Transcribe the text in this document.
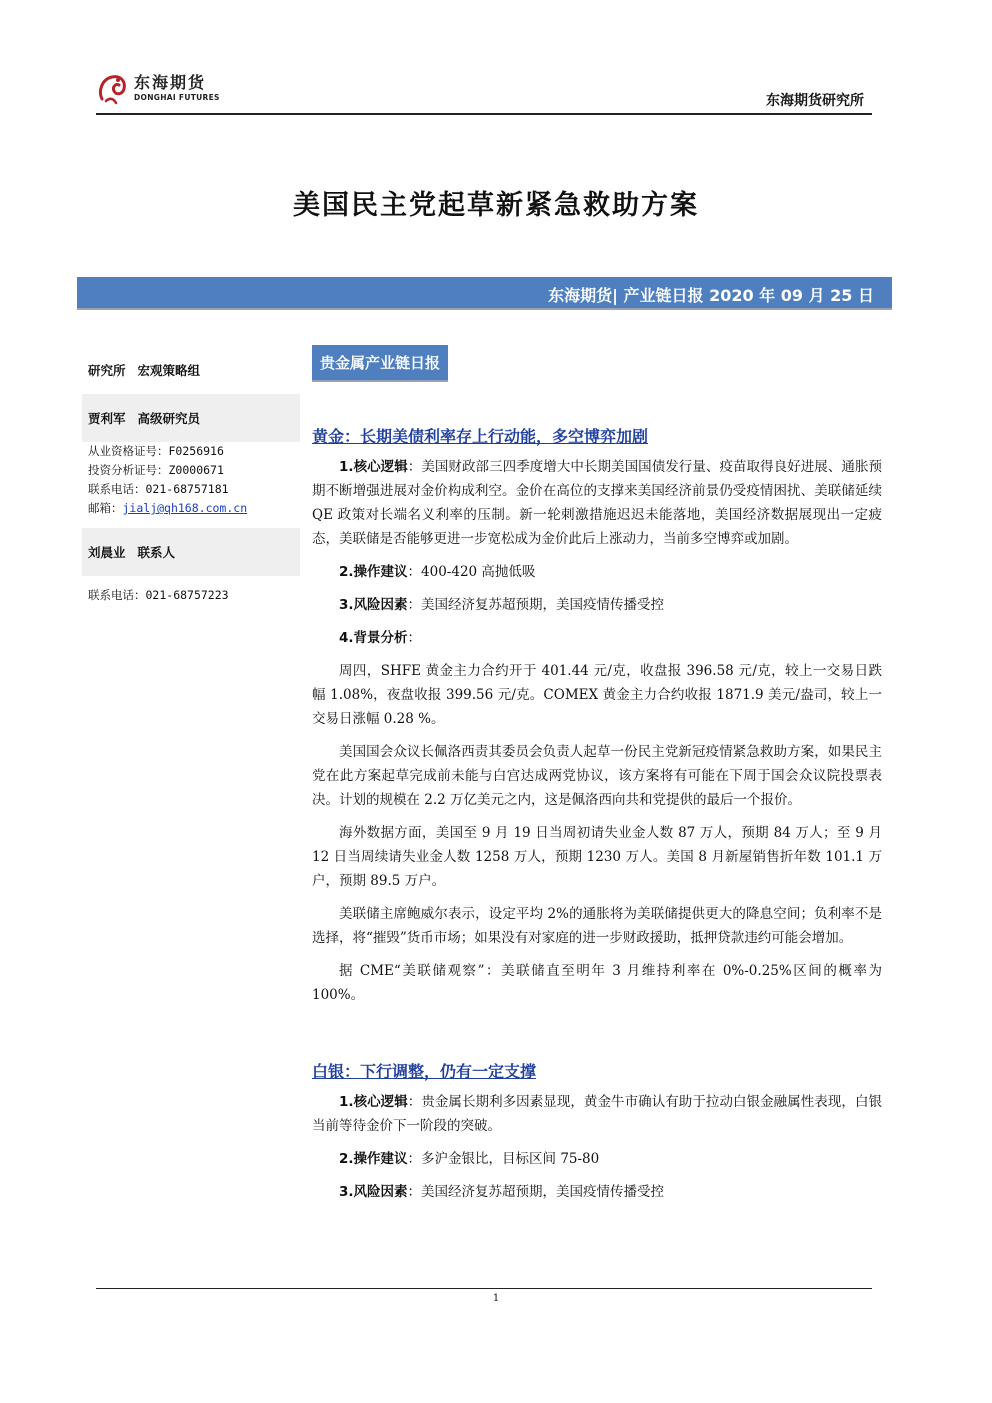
东海期货
DONGHAI FUTURES	东海期货研究所
美国民主党起草新紧急救助方案
东海期货| 产业链日报 2020 年 09 月 25 日
研究所 宏观策略组
贾利军 高级研究员
从业资格证号：F0256916
投资分析证号：Z0000671
联系电话：021-68757181
邮箱：jialj@qh168.com.cn
刘晨业 联系人
联系电话：021-68757223
贵金属产业链日报
黄金：长期美债利率存上行动能，多空博弈加剧

1.核心逻辑：美国财政部三四季度增大中长期美国国债发行量、疫苗取得良好进展、通胀预期不断增强进展对金价构成利空。金价在高位的支撑来美国经济前景仍受疫情困扰、美联储延续 QE 政策对长端名义利率的压制。新一轮刺激措施迟迟未能落地，美国经济数据展现出一定疲态，美联储是否能够更进一步宽松成为金价此后上涨动力，当前多空博弈或加剧。

2.操作建议：400-420 高抛低吸

3.风险因素：美国经济复苏超预期，美国疫情传播受控

4.背景分析：

周四，SHFE 黄金主力合约开于 401.44 元/克，收盘报 396.58 元/克，较上一交易日跌幅 1.08%，夜盘收报 399.56 元/克。COMEX 黄金主力合约收报 1871.9 美元/盎司，较上一交易日涨幅 0.28 %。

美国国会众议长佩洛西责其委员会负责人起草一份民主党新冠疫情紧急救助方案，如果民主党在此方案起草完成前未能与白宫达成两党协议，该方案将有可能在下周于国会众议院投票表决。计划的规模在 2.2 万亿美元之内，这是佩洛西向共和党提供的最后一个报价。

海外数据方面，美国至 9 月 19 日当周初请失业金人数 87 万人，预期 84 万人；至 9 月 12 日当周续请失业金人数 1258 万人，预期 1230 万人。美国 8 月新屋销售折年数 101.1 万户，预期 89.5 万户。

美联储主席鲍威尔表示，设定平均 2%的通胀将为美联储提供更大的降息空间；负利率不是选择，将“摧毁”货币市场；如果没有对家庭的进一步财政援助，抵押贷款违约可能会增加。

据 CME“美联储观察”：美联储直至明年 3 月维持利率在 0%-0.25%区间的概率为 100%。

白银：下行调整，仍有一定支撑

1.核心逻辑：贵金属长期利多因素显现，黄金牛市确认有助于拉动白银金融属性表现，白银当前等待金价下一阶段的突破。

2.操作建议：多沪金银比，目标区间 75-80

3.风险因素：美国经济复苏超预期，美国疫情传播受控

1
